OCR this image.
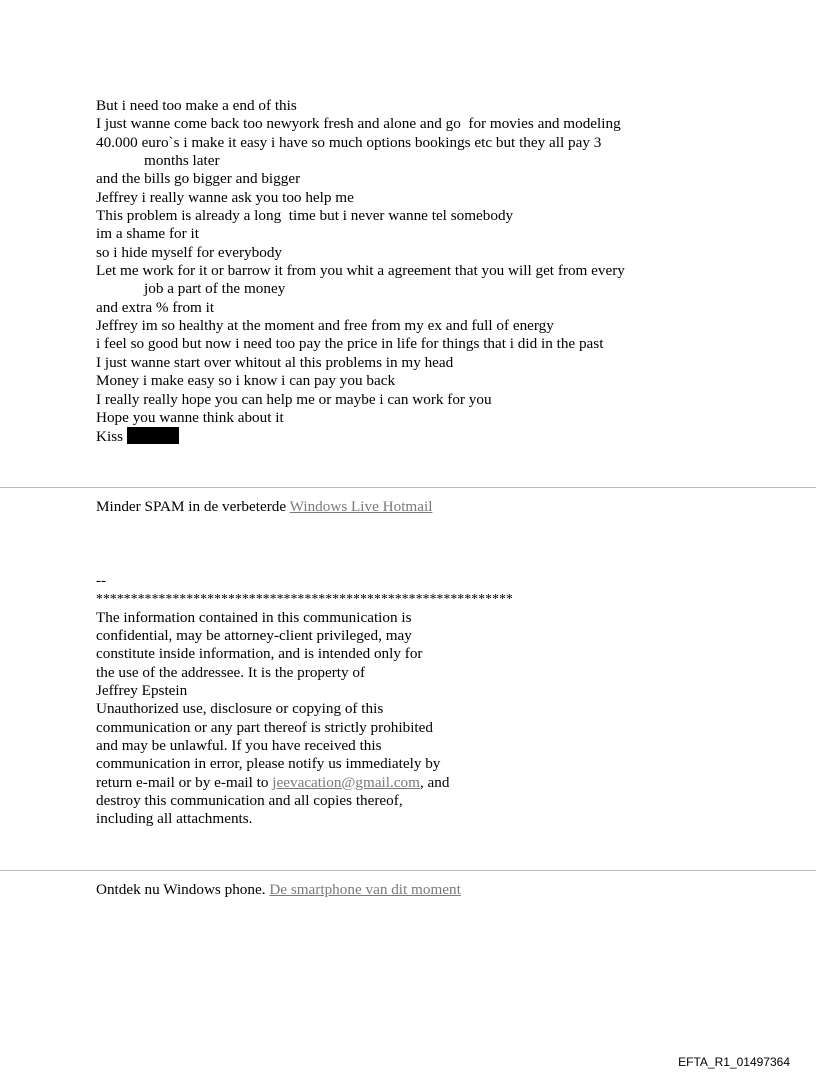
But i need too make a end of this
I just wanne come back too newyork fresh and alone and go  for movies and modeling
40.000 euro`s i make it easy i have so much options bookings etc but they all pay 3
months later
and the bills go bigger and bigger
Jeffrey i really wanne ask you too help me
This problem is already a long  time but i never wanne tel somebody
im a shame for it
so i hide myself for everybody
Let me work for it or barrow it from you whit a agreement that you will get from every
job a part of the money
and extra % from it
Jeffrey im so healthy at the moment and free from my ex and full of energy
i feel so good but now i need too pay the price in life for things that i did in the past
I just wanne start over whitout al this problems in my head
Money i make easy so i know i can pay you back
I really really hope you can help me or maybe i can work for you
Hope you wanne think about it
Kiss
Minder SPAM in de verbeterde Windows Live Hotmail
--
************************************************************
The information contained in this communication is
confidential, may be attorney-client privileged, may
constitute inside information, and is intended only for
the use of the addressee. It is the property of
Jeffrey Epstein
Unauthorized use, disclosure or copying of this
communication or any part thereof is strictly prohibited
and may be unlawful. If you have received this
communication in error, please notify us immediately by
return e-mail or by e-mail to jeevacation@gmail.com, and
destroy this communication and all copies thereof,
including all attachments.
Ontdek nu Windows phone. De smartphone van dit moment
EFTA_R1_01497364
